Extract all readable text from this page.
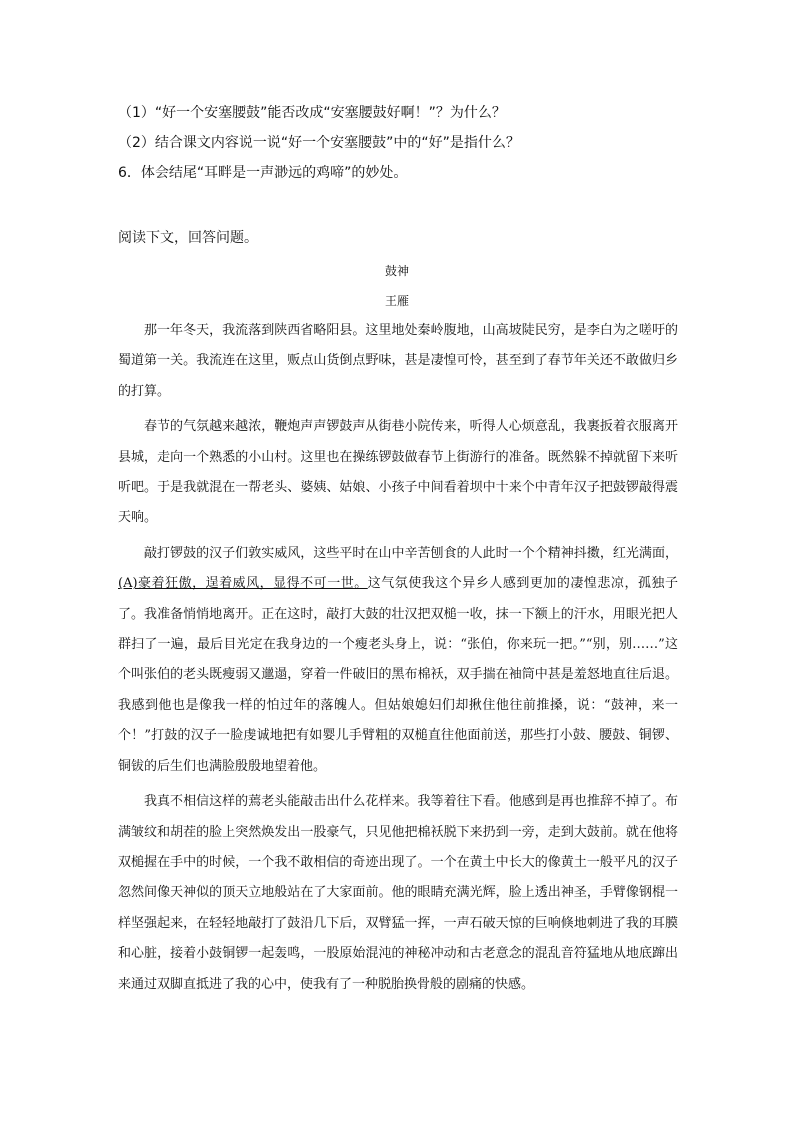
（1）“好一个安塞腰鼓”能否改成“安塞腰鼓好啊！”？为什么？
（2）结合课文内容说一说“好一个安塞腰鼓”中的“好”是指什么？
6．体会结尾“耳畔是一声渺远的鸡啼”的妙处。
阅读下文，回答问题。
鼓神
王雁

那一年冬天，我流落到陕西省略阳县。这里地处秦岭腹地，山高坡陡民穷，是李白为之嗟吁的蜀道第一关。我流连在这里，贩点山货倒点野味，甚是凄惶可怜，甚至到了春节年关还不敢做归乡的打算。

春节的气氛越来越浓，鞭炮声声锣鼓声从街巷小院传来，听得人心烦意乱，我裹扳着衣服离开县城，走向一个熟悉的小山村。这里也在操练锣鼓做春节上街游行的准备。既然躲不掉就留下来听听吧。于是我就混在一帮老头、婆姨、姑娘、小孩子中间看着坝中十来个中青年汉子把鼓锣敲得震天响。

敲打锣鼓的汉子们敦实威风，这些平时在山中辛苦刨食的人此时一个个精神抖擞，红光满面，(A)豪着狂傲，逞着威风，显得不可一世。这气氛使我这个异乡人感到更加的凄惶悲凉，孤独子了。我准备悄悄地离开。正在这时，敲打大鼓的壮汉把双槌一收，抹一下额上的汗水，用眼光把人群扫了一遍，最后目光定在我身边的一个瘦老头身上，说：“张伯，你来玩一把。”“别，别……”这个叫张伯的老头既瘦弱又邋遢，穿着一件破旧的黑布棉袄，双手揣在袖筒中甚是羞怒地直往后退。我感到他也是像我一样的怕过年的落魄人。但姑娘媳妇们却揪住他往前推搡，说：“鼓神，来一个！”打鼓的汉子一脸虔诚地把有如婴儿手臂粗的双槌直往他面前送，那些打小鼓、腰鼓、铜锣、铜钹的后生们也满脸殷殷地望着他。

我真不相信这样的蔫老头能敲击出什么花样来。我等着往下看。他感到是再也推辞不掉了。布满皱纹和胡茬的脸上突然焕发出一股豪气，只见他把棉袄脱下来扔到一旁，走到大鼓前。就在他将双槌握在手中的时候，一个我不敢相信的奇迹出现了。一个在黄土中长大的像黄土一般平凡的汉子忽然间像天神似的顶天立地般站在了大家面前。他的眼睛充满光辉，脸上透出神圣，手臂像钢棍一样坚强起来，在轻轻地敲打了鼓沿几下后，双臂猛一挥，一声石破天惊的巨响倏地刺进了我的耳膜和心脏，接着小鼓铜锣一起轰鸣，一股原始混沌的神秘冲动和古老意念的混乱音符猛地从地底蹿出来通过双脚直抵进了我的心中，使我有了一种脱胎换骨般的剧痛的快感。
